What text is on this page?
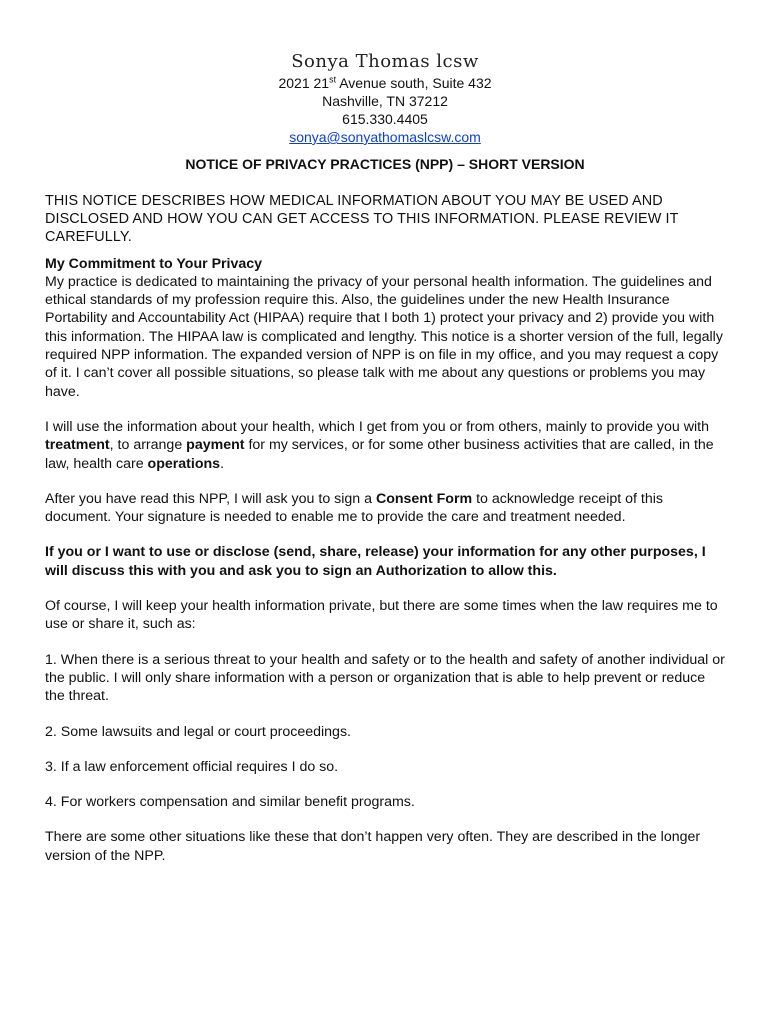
Sonya Thomas lcsw
2021 21st Avenue south, Suite 432
Nashville, TN 37212
615.330.4405
sonya@sonyathomaslcsw.com
NOTICE OF PRIVACY PRACTICES (NPP) – SHORT VERSION

THIS NOTICE DESCRIBES HOW MEDICAL INFORMATION ABOUT YOU MAY BE USED AND DISCLOSED AND HOW YOU CAN GET ACCESS TO THIS INFORMATION. PLEASE REVIEW IT CAREFULLY.

My Commitment to Your Privacy

My practice is dedicated to maintaining the privacy of your personal health information. The guidelines and ethical standards of my profession require this. Also, the guidelines under the new Health Insurance Portability and Accountability Act (HIPAA) require that I both 1) protect your privacy and 2) provide you with this information. The HIPAA law is complicated and lengthy. This notice is a shorter version of the full, legally required NPP information. The expanded version of NPP is on file in my office, and you may request a copy of it. I can’t cover all possible situations, so please talk with me about any questions or problems you may have.

I will use the information about your health, which I get from you or from others, mainly to provide you with treatment, to arrange payment for my services, or for some other business activities that are called, in the law, health care operations.

After you have read this NPP, I will ask you to sign a Consent Form to acknowledge receipt of this document. Your signature is needed to enable me to provide the care and treatment needed.

If you or I want to use or disclose (send, share, release) your information for any other purposes, I will discuss this with you and ask you to sign an Authorization to allow this.

Of course, I will keep your health information private, but there are some times when the law requires me to use or share it, such as:

1. When there is a serious threat to your health and safety or to the health and safety of another individual or the public. I will only share information with a person or organization that is able to help prevent or reduce the threat.

2. Some lawsuits and legal or court proceedings.

3. If a law enforcement official requires I do so.

4. For workers compensation and similar benefit programs.

There are some other situations like these that don’t happen very often. They are described in the longer version of the NPP.
